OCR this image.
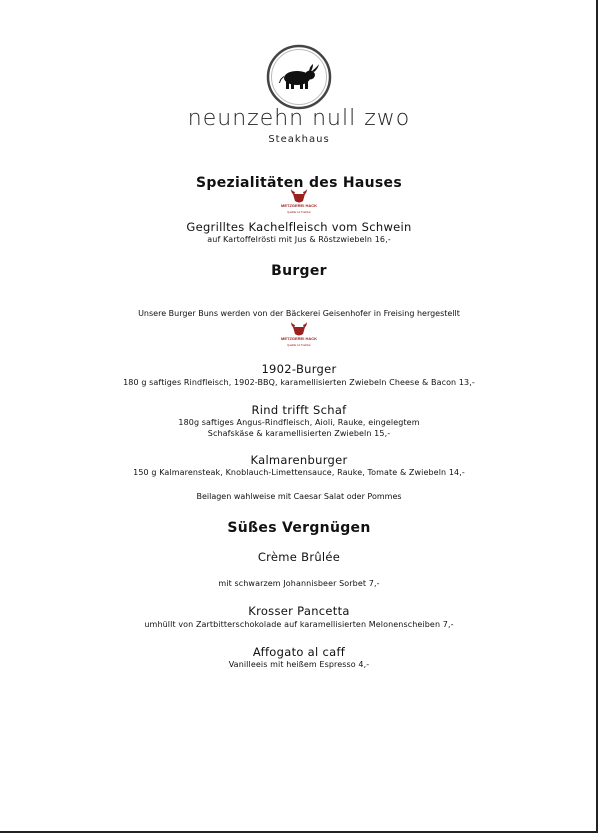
neunzehn null zwo
Steakhaus
Spezialitäten des Hauses
METZGEREI HACK
Qualität mit Tradition
Gegrilltes Kachelfleisch vom Schwein
auf Kartoffelrösti mit Jus & Röstzwiebeln 16,-
Burger
Unsere Burger Buns werden von der Bäckerei Geisenhofer in Freising hergestellt
METZGEREI HACK
Qualität mit Tradition
1902-Burger
180 g saftiges Rindfleisch, 1902-BBQ, karamellisierten Zwiebeln Cheese & Bacon 13,-
Rind trifft Schaf
180g saftiges Angus-Rindfleisch, Aioli, Rauke, eingelegtem
Schafskäse & karamellisierten Zwiebeln 15,-
Kalmarenburger
150 g Kalmarensteak, Knoblauch-Limettensauce, Rauke, Tomate & Zwiebeln 14,-
Beilagen wahlweise mit Caesar Salat oder Pommes
Süßes Vergnügen
Crème Brûlée
mit schwarzem Johannisbeer Sorbet 7,-
Krosser Pancetta
umhüllt von Zartbitterschokolade auf karamellisierten Melonenscheiben 7,-
Affogato al caff
Vanilleeis mit heißem Espresso 4,-
